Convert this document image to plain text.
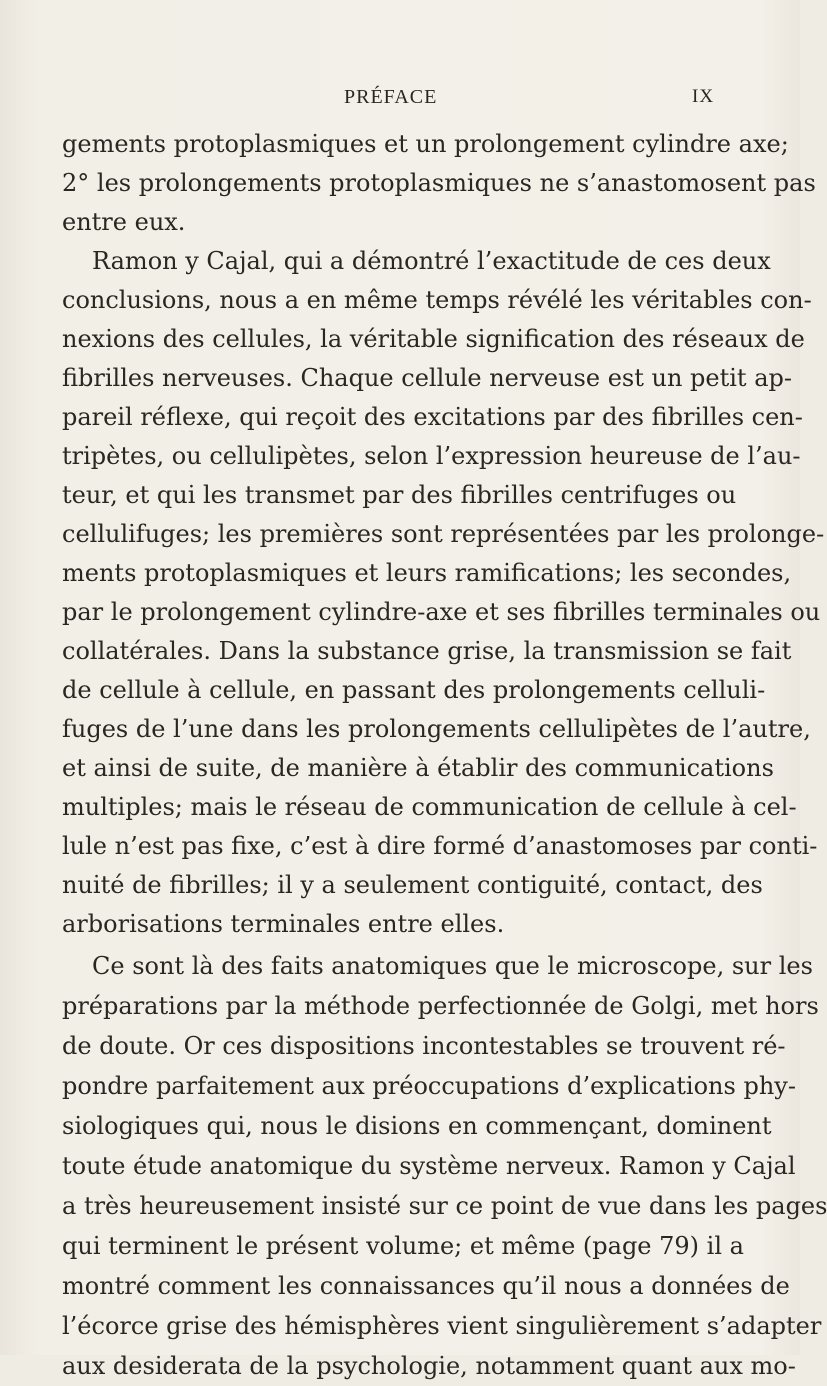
PRÉFACE	IX
gements protoplasmiques et un prolongement cylindre axe;
2° les prolongements protoplasmiques ne s’anastomosent pas
entre eux.
Ramon y Cajal, qui a démontré l’exactitude de ces deux
conclusions, nous a en même temps révélé les véritables con-
nexions des cellules, la véritable signification des réseaux de
fibrilles nerveuses. Chaque cellule nerveuse est un petit ap-
pareil réflexe, qui reçoit des excitations par des fibrilles cen-
tripètes, ou cellulipètes, selon l’expression heureuse de l’au-
teur, et qui les transmet par des fibrilles centrifuges ou
cellulifuges; les premières sont représentées par les prolonge-
ments protoplasmiques et leurs ramifications; les secondes,
par le prolongement cylindre-axe et ses fibrilles terminales ou
collatérales. Dans la substance grise, la transmission se fait
de cellule à cellule, en passant des prolongements celluli-
fuges de l’une dans les prolongements cellulipètes de l’autre,
et ainsi de suite, de manière à établir des communications
multiples; mais le réseau de communication de cellule à cel-
lule n’est pas fixe, c’est à dire formé d’anastomoses par conti-
nuité de fibrilles; il y a seulement contiguité, contact, des
arborisations terminales entre elles.
Ce sont là des faits anatomiques que le microscope, sur les
préparations par la méthode perfectionnée de Golgi, met hors
de doute. Or ces dispositions incontestables se trouvent ré-
pondre parfaitement aux préoccupations d’explications phy-
siologiques qui, nous le disions en commençant, dominent
toute étude anatomique du système nerveux. Ramon y Cajal
a très heureusement insisté sur ce point de vue dans les pages
qui terminent le présent volume; et même (page 79) il a
montré comment les connaissances qu’il nous a données de
l’écorce grise des hémisphères vient singulièrement s’adapter
aux desiderata de la psychologie, notamment quant aux mo-
